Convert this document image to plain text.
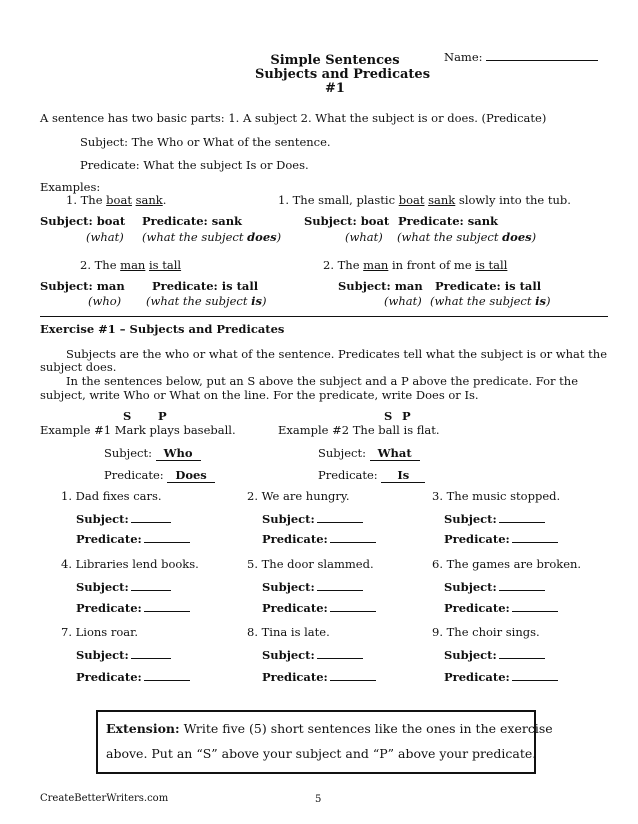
Simple Sentences
Subjects and Predicates
#1
Name:
A sentence has two basic parts: 1. A subject 2. What the subject is or does. (Predicate)
Subject: The Who or What of the sentence.
Predicate: What the subject Is or Does.
Examples:
1. The boat sank.	1. The small, plastic boat sank slowly into the tub.
Subject: boat Predicate: sank
(what) (what the subject does)
Subject: boat Predicate: sank
(what) (what the subject does)
2. The man is tall	2. The man in front of me is tall
Subject: man Predicate: is tall
(who) (what the subject is)
Subject: man Predicate: is tall
(what) (what the subject is)
Exercise #1 – Subjects and Predicates
Subjects are the who or what of the sentence. Predicates tell what the subject is or what the
subject does.
In the sentences below, put an S above the subject and a P above the predicate. For the
subject, write Who or What on the line. For the predicate, write Does or Is.
S P
Example #1 Mark plays baseball.
Subject:   Who
Predicate:   Does
S P
Example #2 The ball is flat.
Subject:   What
Predicate:     Is
1. Dad fixes cars.	2. We are hungry.	3. The music stopped.
Subject:	Subject:	Subject:
Predicate:	Predicate:	Predicate:
4. Libraries lend books.	5. The door slammed.	6. The games are broken.
Subject:	Subject:	Subject:
Predicate:	Predicate:	Predicate:
7. Lions roar.	8. Tina is late.	9. The choir sings.
Subject:	Subject:	Subject:
Predicate:	Predicate:	Predicate:
Extension: Write five (5) short sentences like the ones in the exercise
above. Put an “S” above your subject and “P” above your predicate.
CreateBetterWriters.com	5
